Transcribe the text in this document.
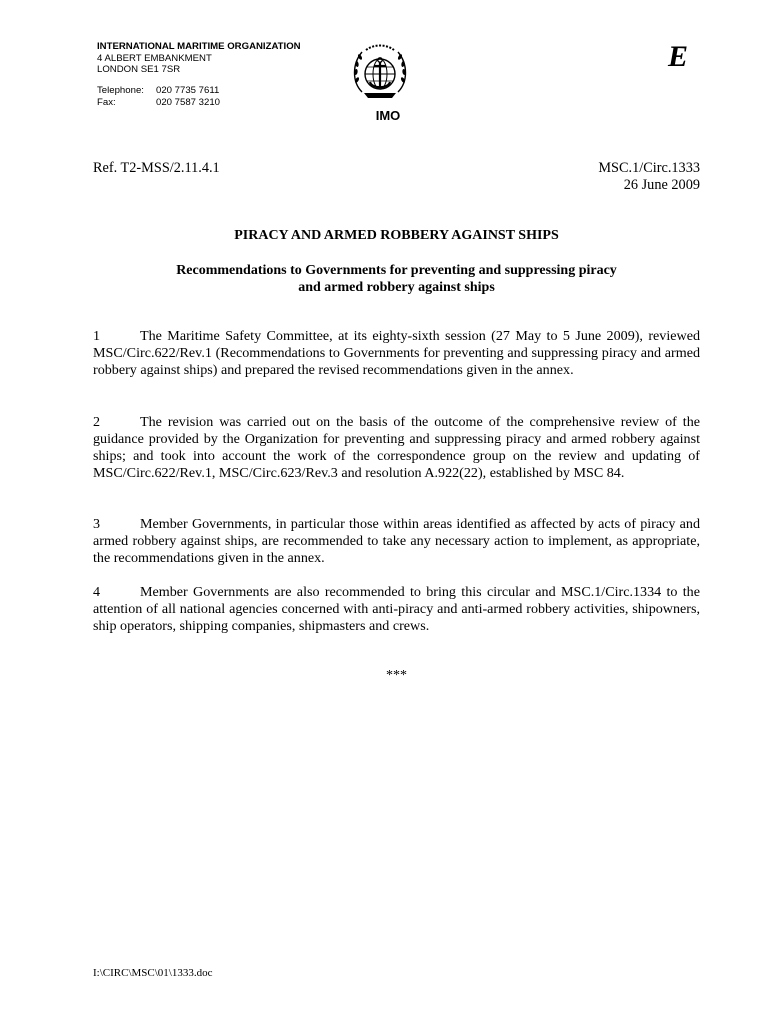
INTERNATIONAL MARITIME ORGANIZATION
4 ALBERT EMBANKMENT
LONDON SE1 7SR
Telephone:	020 7735 7611
Fax:	020 7587 3210
IMO
E
Ref. T2-MSS/2.11.4.1	MSC.1/Circ.1333
26 June 2009
PIRACY AND ARMED ROBBERY AGAINST SHIPS
Recommendations to Governments for preventing and suppressing piracy
and armed robbery against ships
1	The Maritime Safety Committee, at its eighty-sixth session (27 May to 5 June 2009), reviewed MSC/Circ.622/Rev.1 (Recommendations to Governments for preventing and suppressing piracy and armed robbery against ships) and prepared the revised recommendations given in the annex.
2	The revision was carried out on the basis of the outcome of the comprehensive review of the guidance provided by the Organization for preventing and suppressing piracy and armed robbery against ships; and took into account the work of the correspondence group on the review and updating of MSC/Circ.622/Rev.1, MSC/Circ.623/Rev.3 and resolution A.922(22), established by MSC 84.
3	Member Governments, in particular those within areas identified as affected by acts of piracy and armed robbery against ships, are recommended to take any necessary action to implement, as appropriate, the recommendations given in the annex.
4	Member Governments are also recommended to bring this circular and MSC.1/Circ.1334 to the attention of all national agencies concerned with anti-piracy and anti-armed robbery activities, shipowners, ship operators, shipping companies, shipmasters and crews.
***
I:\CIRC\MSC\01\1333.doc
